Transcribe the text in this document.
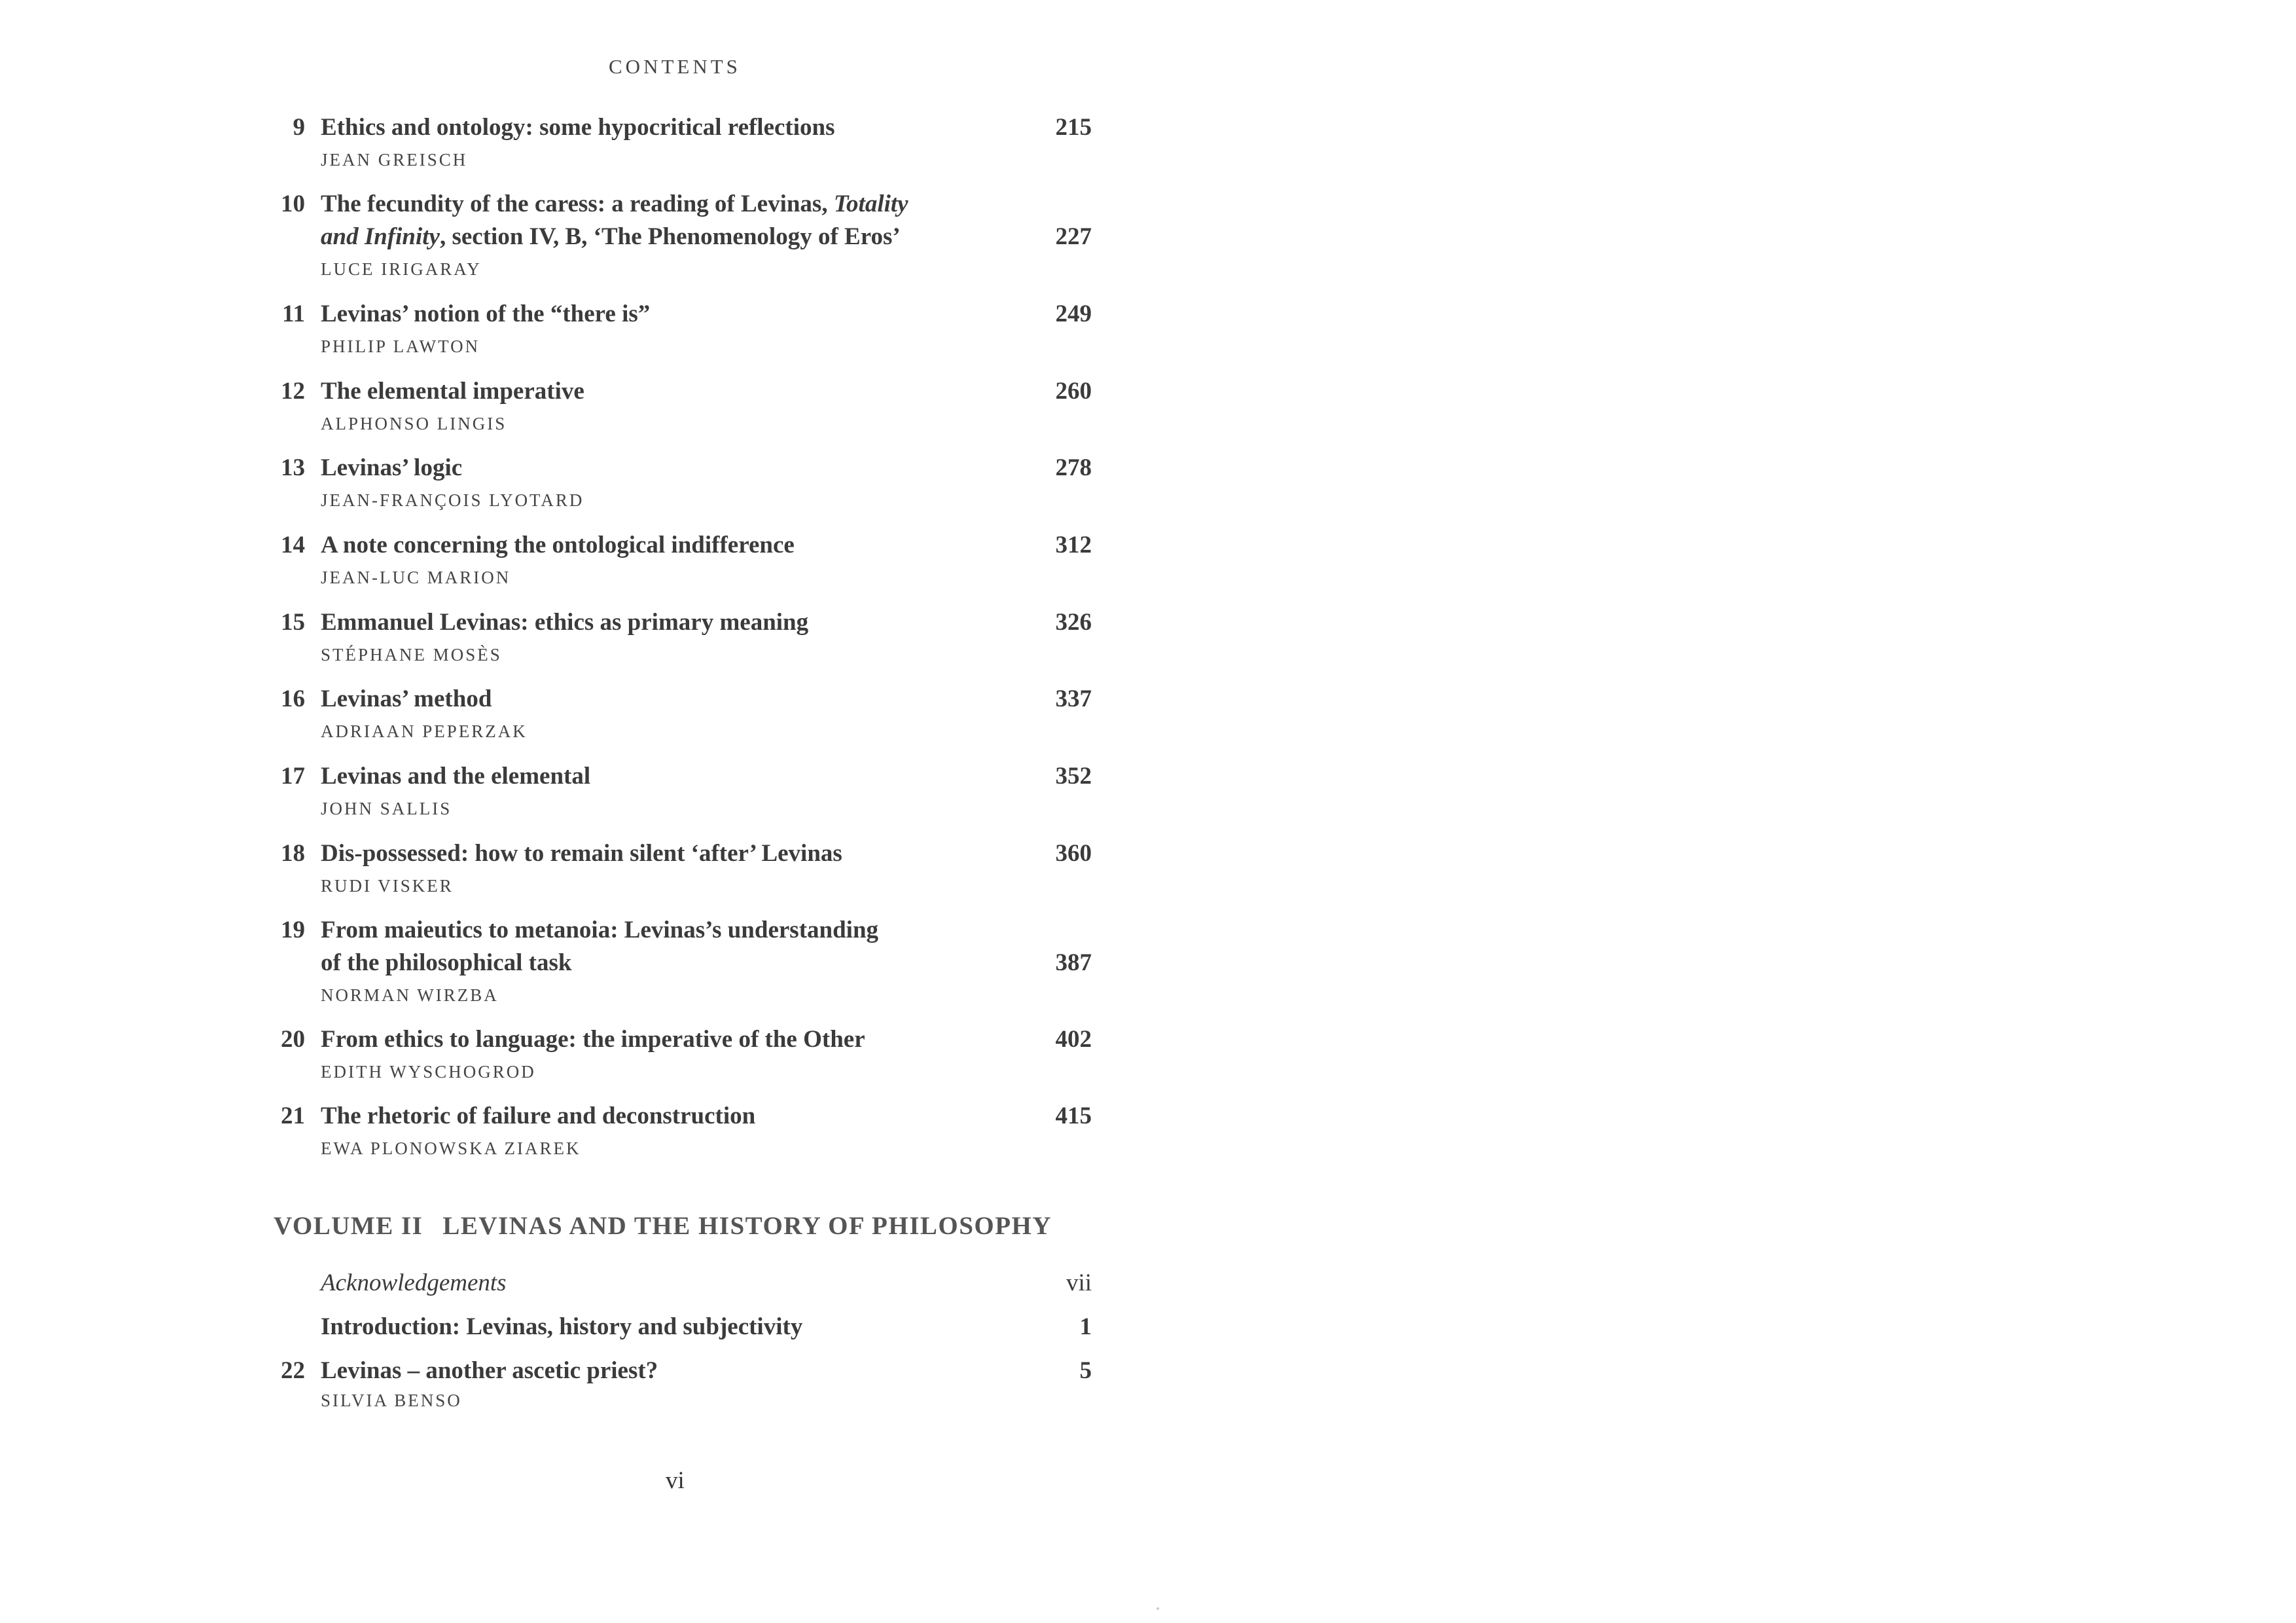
CONTENTS
9 Ethics and ontology: some hypocritical reflections	215
JEAN GREISCH
10 The fecundity of the caress: a reading of Levinas, Totality
and Infinity, section IV, B, ‘The Phenomenology of Eros’	227
LUCE IRIGARAY
11 Levinas’ notion of the “there is”	249
PHILIP LAWTON
12 The elemental imperative	260
ALPHONSO LINGIS
13 Levinas’ logic	278
JEAN-FRANÇOIS LYOTARD
14 A note concerning the ontological indifference	312
JEAN-LUC MARION
15 Emmanuel Levinas: ethics as primary meaning	326
STÉPHANE MOSÈS
16 Levinas’ method	337
ADRIAAN PEPERZAK
17 Levinas and the elemental	352
JOHN SALLIS
18 Dis-possessed: how to remain silent ‘after’ Levinas	360
RUDI VISKER
19 From maieutics to metanoia: Levinas’s understanding
of the philosophical task	387
NORMAN WIRZBA
20 From ethics to language: the imperative of the Other	402
EDITH WYSCHOGROD
21 The rhetoric of failure and deconstruction	415
EWA PLONOWSKA ZIAREK
VOLUME II LEVINAS AND THE HISTORY OF PHILOSOPHY
Acknowledgements	vii
Introduction: Levinas, history and subjectivity	1
22 Levinas – another ascetic priest?	5
SILVIA BENSO
vi
